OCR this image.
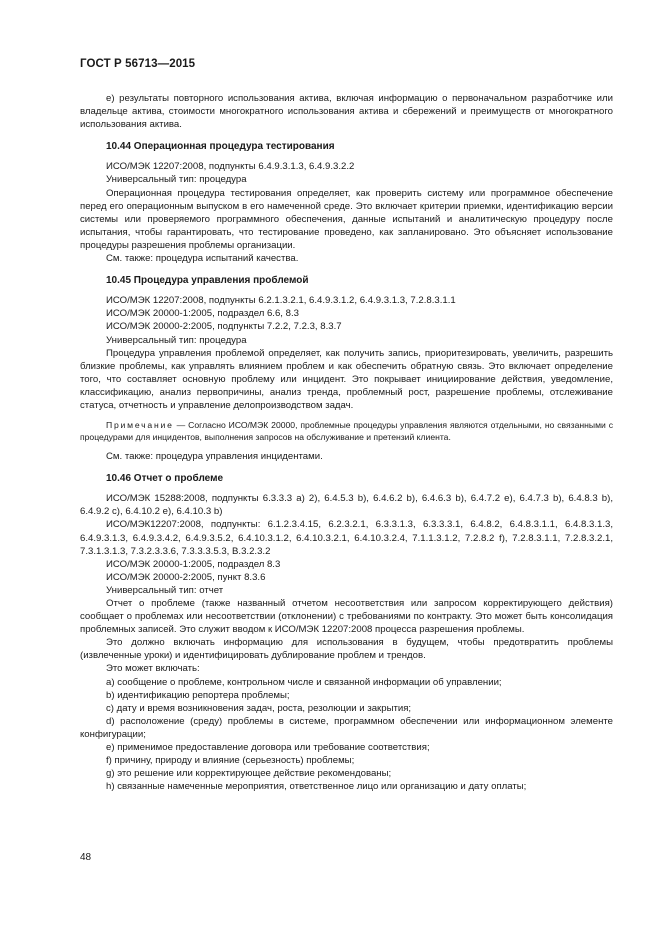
ГОСТ Р 56713—2015

е) результаты повторного использования актива, включая информацию о первоначальном разработчике или владельце актива, стоимости многократного использования актива и сбережений и преимуществ от многократного использования актива.

10.44 Операционная процедура тестирования

ИСО/МЭК 12207:2008, подпункты 6.4.9.3.1.3, 6.4.9.3.2.2

Универсальный тип: процедура

Операционная процедура тестирования определяет, как проверить систему или программное обеспечение перед его операционным выпуском в его намеченной среде. Это включает критерии приемки, идентификацию версии системы или проверяемого программного обеспечения, данные испытаний и аналитическую процедуру после испытания, чтобы гарантировать, что тестирование проведено, как запланировано. Это объясняет использование процедуры разрешения проблемы организации.

См. также: процедура испытаний качества.

10.45 Процедура управления проблемой

ИСО/МЭК 12207:2008, подпункты 6.2.1.3.2.1, 6.4.9.3.1.2, 6.4.9.3.1.3, 7.2.8.3.1.1

ИСО/МЭК 20000-1:2005, подраздел 6.6, 8.3

ИСО/МЭК 20000-2:2005, подпункты 7.2.2, 7.2.3, 8.3.7

Универсальный тип: процедура

Процедура управления проблемой определяет, как получить запись, приоритезировать, увеличить, разрешить близкие проблемы, как управлять влиянием проблем и как обеспечить обратную связь. Это включает определение того, что составляет основную проблему или инцидент. Это покрывает инициирование действия, уведомление, классификацию, анализ первопричины, анализ тренда, проблемный рост, разрешение проблемы, отслеживание статуса, отчетность и управление делопроизводством задач.

Примечание — Согласно ИСО/МЭК 20000, проблемные процедуры управления являются отдельными, но связанными с процедурами для инцидентов, выполнения запросов на обслуживание и претензий клиента.

См. также: процедура управления инцидентами.

10.46 Отчет о проблеме

ИСО/МЭК 15288:2008, подпункты 6.3.3.3 а) 2), 6.4.5.3 b), 6.4.6.2 b), 6.4.6.3 b), 6.4.7.2 e), 6.4.7.3 b), 6.4.8.3 b), 6.4.9.2 c), 6.4.10.2 e), 6.4.10.3 b)

ИСО/МЭК12207:2008, подпункты: 6.1.2.3.4.15, 6.2.3.2.1, 6.3.3.1.3, 6.3.3.3.1, 6.4.8.2, 6.4.8.3.1.1, 6.4.8.3.1.3, 6.4.9.3.1.3, 6.4.9.3.4.2, 6.4.9.3.5.2, 6.4.10.3.1.2, 6.4.10.3.2.1, 6.4.10.3.2.4, 7.1.1.3.1.2, 7.2.8.2 f), 7.2.8.3.1.1, 7.2.8.3.2.1, 7.3.1.3.1.3, 7.3.2.3.3.6, 7.3.3.3.5.3, B.3.2.3.2

ИСО/МЭК 20000-1:2005, подраздел 8.3

ИСО/МЭК 20000-2:2005, пункт 8.3.6

Универсальный тип: отчет

Отчет о проблеме (также названный отчетом несоответствия или запросом корректирующего действия) сообщает о проблемах или несоответствии (отклонении) с требованиями по контракту. Это может быть консолидация проблемных записей. Это служит вводом к ИСО/МЭК 12207:2008 процесса разрешения проблемы.

Это должно включать информацию для использования в будущем, чтобы предотвратить проблемы (извлеченные уроки) и идентифицировать дублирование проблем и трендов.

Это может включать:

а) сообщение о проблеме, контрольном числе и связанной информации об управлении;

b) идентификацию репортера проблемы;

c) дату и время возникновения задач, роста, резолюции и закрытия;

d) расположение (среду) проблемы в системе, программном обеспечении или информационном элементе конфигурации;

e) применимое предоставление договора или требование соответствия;

f) причину, природу и влияние (серьезность) проблемы;

g) это решение или корректирующее действие рекомендованы;

h) связанные намеченные мероприятия, ответственное лицо или организацию и дату оплаты;

48
